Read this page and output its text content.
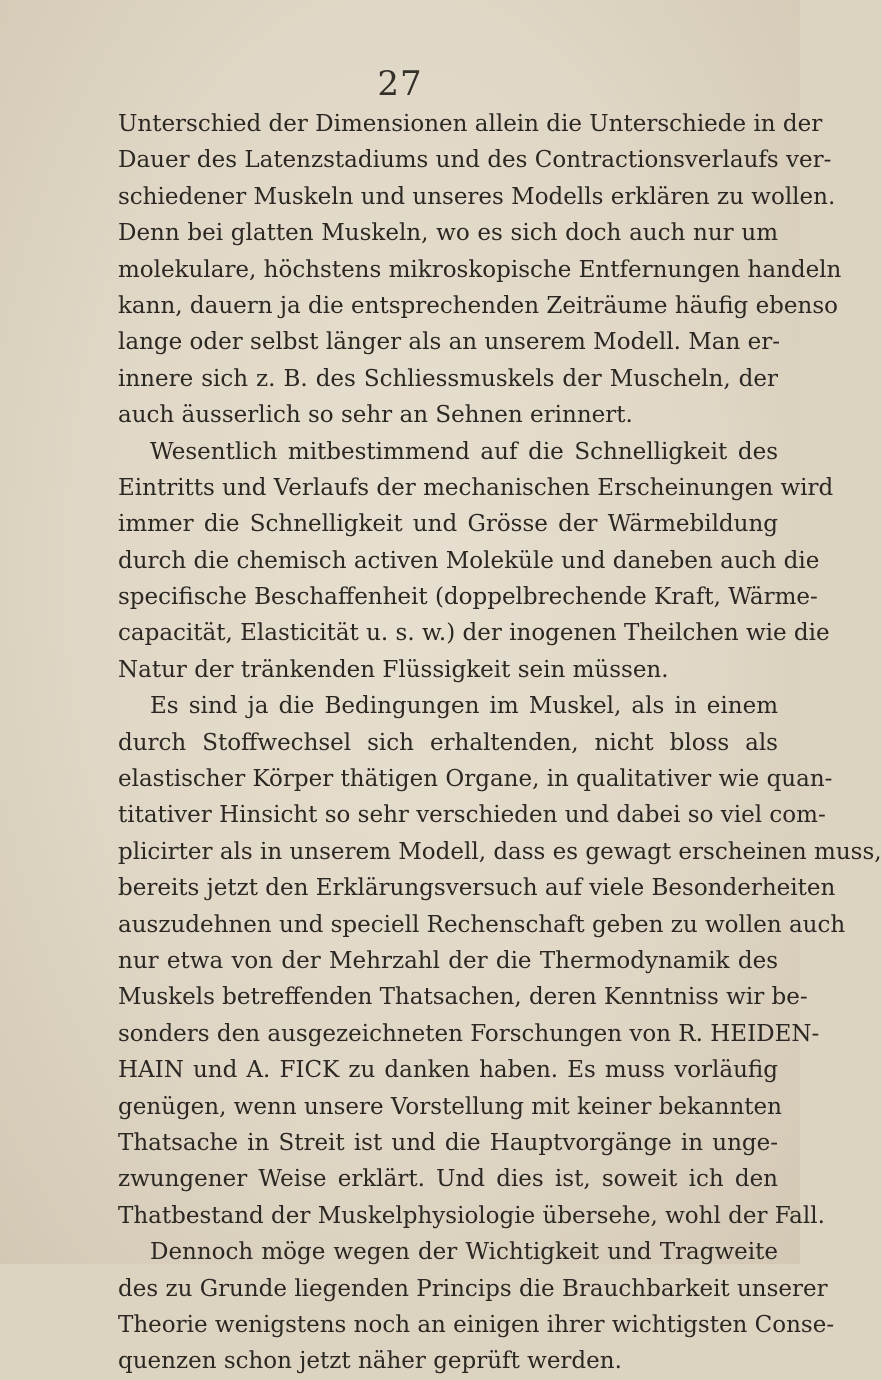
27
Unterschied der Dimensionen allein die Unterschiede in der
Dauer des Latenzstadiums und des Contractionsverlaufs ver-
schiedener Muskeln und unseres Modells erklären zu wollen.
Denn bei glatten Muskeln, wo es sich doch auch nur um
molekulare, höchstens mikroskopische Entfernungen handeln
kann, dauern ja die entsprechenden Zeiträume häufig ebenso
lange oder selbst länger als an unserem Modell. Man er-
innere sich z. B. des Schliessmuskels der Muscheln, der
auch äusserlich so sehr an Sehnen erinnert.
Wesentlich mitbestimmend auf die Schnelligkeit des
Eintritts und Verlaufs der mechanischen Erscheinungen wird
immer die Schnelligkeit und Grösse der Wärmebildung
durch die chemisch activen Moleküle und daneben auch die
specifische Beschaffenheit (doppelbrechende Kraft, Wärme-
capacität, Elasticität u. s. w.) der inogenen Theilchen wie die
Natur der tränkenden Flüssigkeit sein müssen.
Es sind ja die Bedingungen im Muskel, als in einem
durch Stoffwechsel sich erhaltenden, nicht bloss als
elastischer Körper thätigen Organe, in qualitativer wie quan-
titativer Hinsicht so sehr verschieden und dabei so viel com-
plicirter als in unserem Modell, dass es gewagt erscheinen muss,
bereits jetzt den Erklärungsversuch auf viele Besonderheiten
auszudehnen und speciell Rechenschaft geben zu wollen auch
nur etwa von der Mehrzahl der die Thermodynamik des
Muskels betreffenden Thatsachen, deren Kenntniss wir be-
sonders den ausgezeichneten Forschungen von R. HEIDEN-
HAIN und A. FICK zu danken haben. Es muss vorläufig
genügen, wenn unsere Vorstellung mit keiner bekannten
Thatsache in Streit ist und die Hauptvorgänge in unge-
zwungener Weise erklärt. Und dies ist, soweit ich den
Thatbestand der Muskelphysiologie übersehe, wohl der Fall.
Dennoch möge wegen der Wichtigkeit und Tragweite
des zu Grunde liegenden Princips die Brauchbarkeit unserer
Theorie wenigstens noch an einigen ihrer wichtigsten Conse-
quenzen schon jetzt näher geprüft werden.
